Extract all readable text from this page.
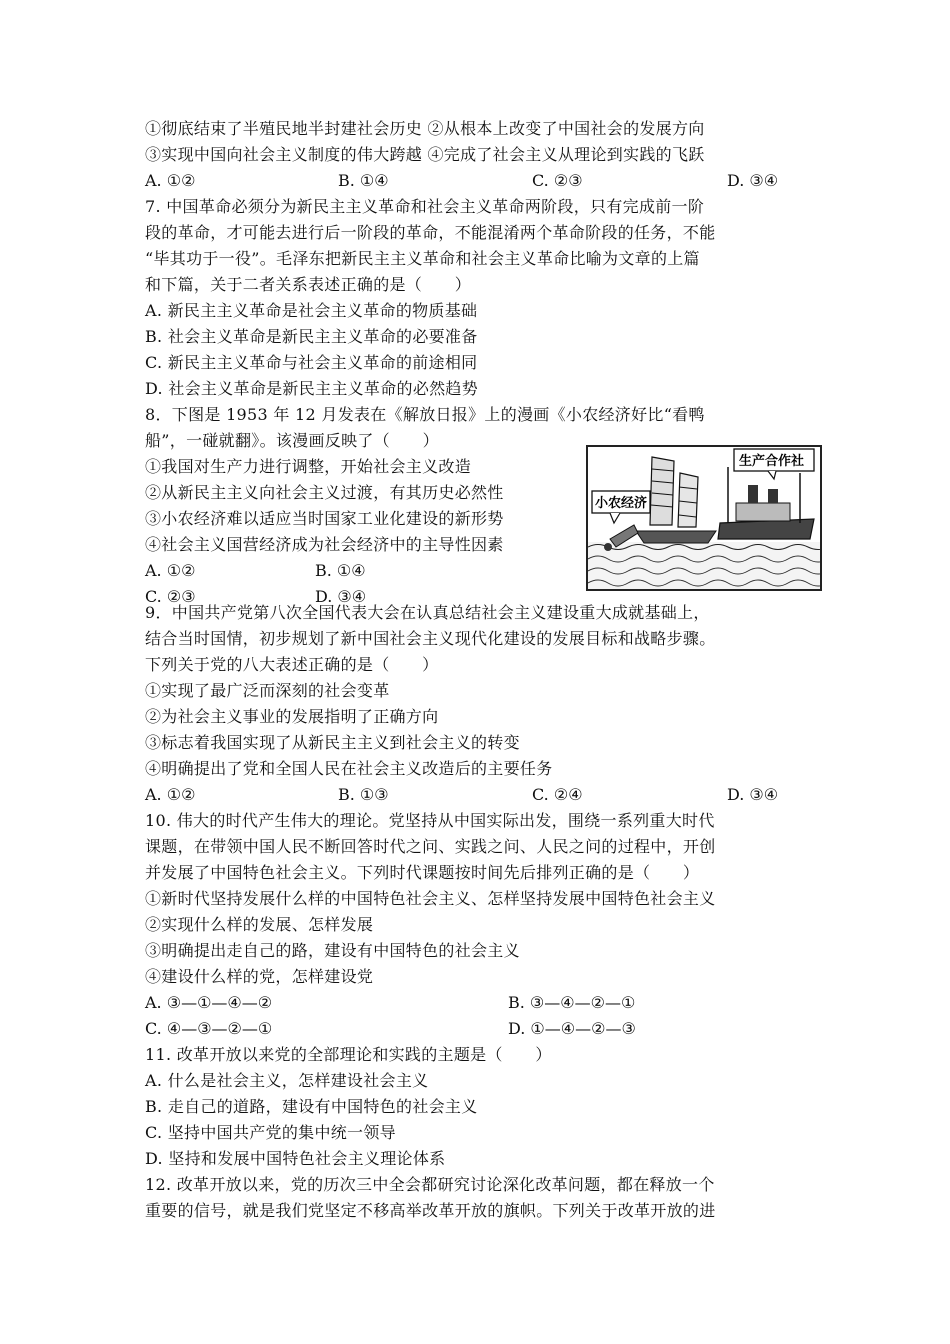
①彻底结束了半殖民地半封建社会历史 ②从根本上改变了中国社会的发展方向
③实现中国向社会主义制度的伟大跨越 ④完成了社会主义从理论到实践的飞跃
A. ①②	B. ①④	C. ②③	D. ③④
7. 中国革命必须分为新民主主义革命和社会主义革命两阶段，只有完成前一阶
段的革命，才可能去进行后一阶段的革命，不能混淆两个革命阶段的任务，不能
“毕其功于一役”。毛泽东把新民主主义革命和社会主义革命比喻为文章的上篇
和下篇，关于二者关系表述正确的是（　　）
A. 新民主主义革命是社会主义革命的物质基础
B. 社会主义革命是新民主主义革命的必要准备
C. 新民主主义革命与社会主义革命的前途相同
D. 社会主义革命是新民主主义革命的必然趋势
8．下图是 1953 年 12 月发表在《解放日报》上的漫画《小农经济好比“看鸭
船”，一碰就翻》。该漫画反映了（　　）
①我国对生产力进行调整，开始社会主义改造
②从新民主主义向社会主义过渡，有其历史必然性
③小农经济难以适应当时国家工业化建设的新形势
④社会主义国营经济成为社会经济中的主导性因素
A. ①②	B. ①④
C. ②③	D. ③④
生产合作社
小农经济
9．中国共产党第八次全国代表大会在认真总结社会主义建设重大成就基础上，
结合当时国情，初步规划了新中国社会主义现代化建设的发展目标和战略步骤。
下列关于党的八大表述正确的是（　　）
①实现了最广泛而深刻的社会变革
②为社会主义事业的发展指明了正确方向
③标志着我国实现了从新民主主义到社会主义的转变
④明确提出了党和全国人民在社会主义改造后的主要任务
A. ①②	B. ①③	C. ②④	D. ③④
10. 伟大的时代产生伟大的理论。党坚持从中国实际出发，围绕一系列重大时代
课题，在带领中国人民不断回答时代之问、实践之问、人民之问的过程中，开创
并发展了中国特色社会主义。下列时代课题按时间先后排列正确的是（　　）
①新时代坚持发展什么样的中国特色社会主义、怎样坚持发展中国特色社会主义
②实现什么样的发展、怎样发展
③明确提出走自己的路，建设有中国特色的社会主义
④建设什么样的党，怎样建设党
A. ③—①—④—②	B. ③—④—②—①
C. ④—③—②—①	D. ①—④—②—③
11. 改革开放以来党的全部理论和实践的主题是（　　）
A. 什么是社会主义，怎样建设社会主义
B. 走自己的道路，建设有中国特色的社会主义
C. 坚持中国共产党的集中统一领导
D. 坚持和发展中国特色社会主义理论体系
12. 改革开放以来，党的历次三中全会都研究讨论深化改革问题，都在释放一个
重要的信号，就是我们党坚定不移高举改革开放的旗帜。下列关于改革开放的进
